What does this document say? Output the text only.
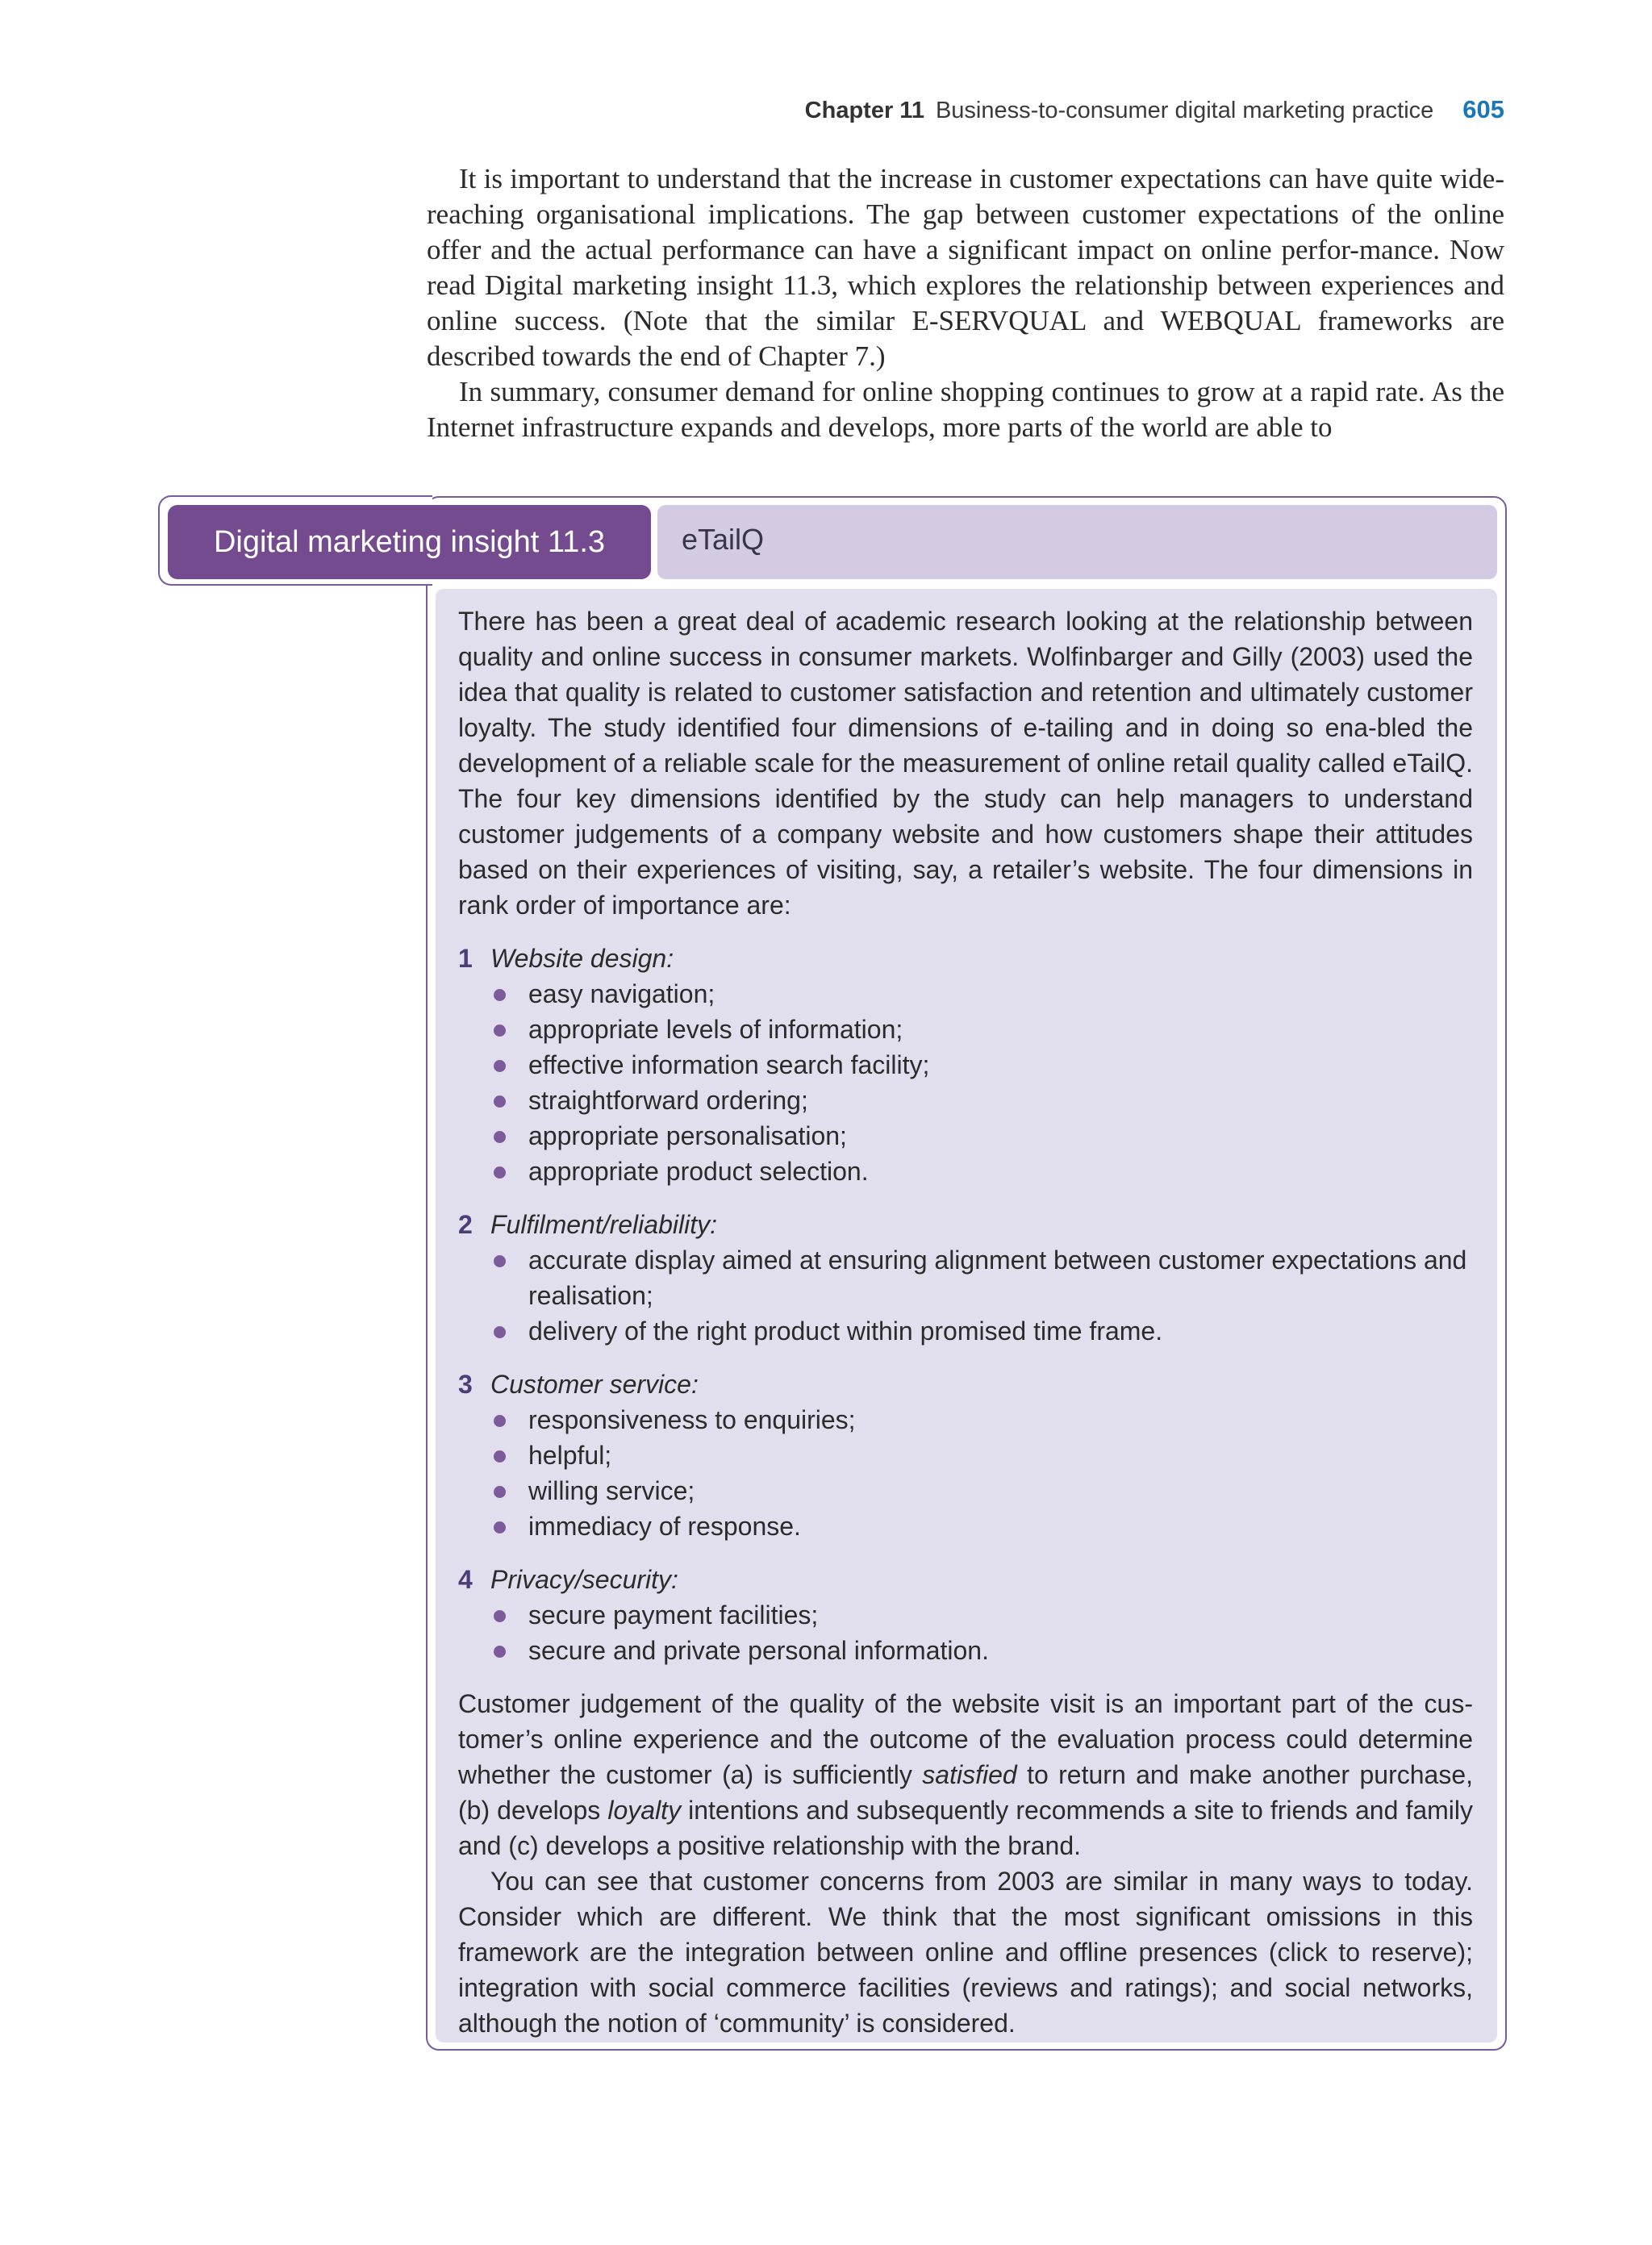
Chapter 11 Business-to-consumer digital marketing practice 605

It is important to understand that the increase in customer expectations can have quite wide-reaching organisational implications. The gap between customer expectations of the online offer and the actual performance can have a significant impact on online perfor-mance. Now read Digital marketing insight 11.3, which explores the relationship between experiences and online success. (Note that the similar E-SERVQUAL and WEBQUAL frameworks are described towards the end of Chapter 7.)

In summary, consumer demand for online shopping continues to grow at a rapid rate. As the Internet infrastructure expands and develops, more parts of the world are able to

Digital marketing insight 11.3	eTailQ

There has been a great deal of academic research looking at the relationship between quality and online success in consumer markets. Wolfinbarger and Gilly (2003) used the idea that quality is related to customer satisfaction and retention and ultimately customer loyalty. The study identified four dimensions of e-tailing and in doing so ena-bled the development of a reliable scale for the measurement of online retail quality called eTailQ. The four key dimensions identified by the study can help managers to understand customer judgements of a company website and how customers shape their attitudes based on their experiences of visiting, say, a retailer’s website. The four dimensions in rank order of importance are:

1 Website design:
easy navigation;
appropriate levels of information;
effective information search facility;
straightforward ordering;
appropriate personalisation;
appropriate product selection.
2 Fulfilment/reliability:
accurate display aimed at ensuring alignment between customer expectations and realisation;
delivery of the right product within promised time frame.
3 Customer service:
responsiveness to enquiries;
helpful;
willing service;
immediacy of response.
4 Privacy/security:
secure payment facilities;
secure and private personal information.

Customer judgement of the quality of the website visit is an important part of the cus-tomer’s online experience and the outcome of the evaluation process could determine whether the customer (a) is sufficiently satisfied to return and make another purchase, (b) develops loyalty intentions and subsequently recommends a site to friends and family and (c) develops a positive relationship with the brand.

You can see that customer concerns from 2003 are similar in many ways to today. Consider which are different. We think that the most significant omissions in this framework are the integration between online and offline presences (click to reserve); integration with social commerce facilities (reviews and ratings); and social networks, although the notion of ‘community’ is considered.
